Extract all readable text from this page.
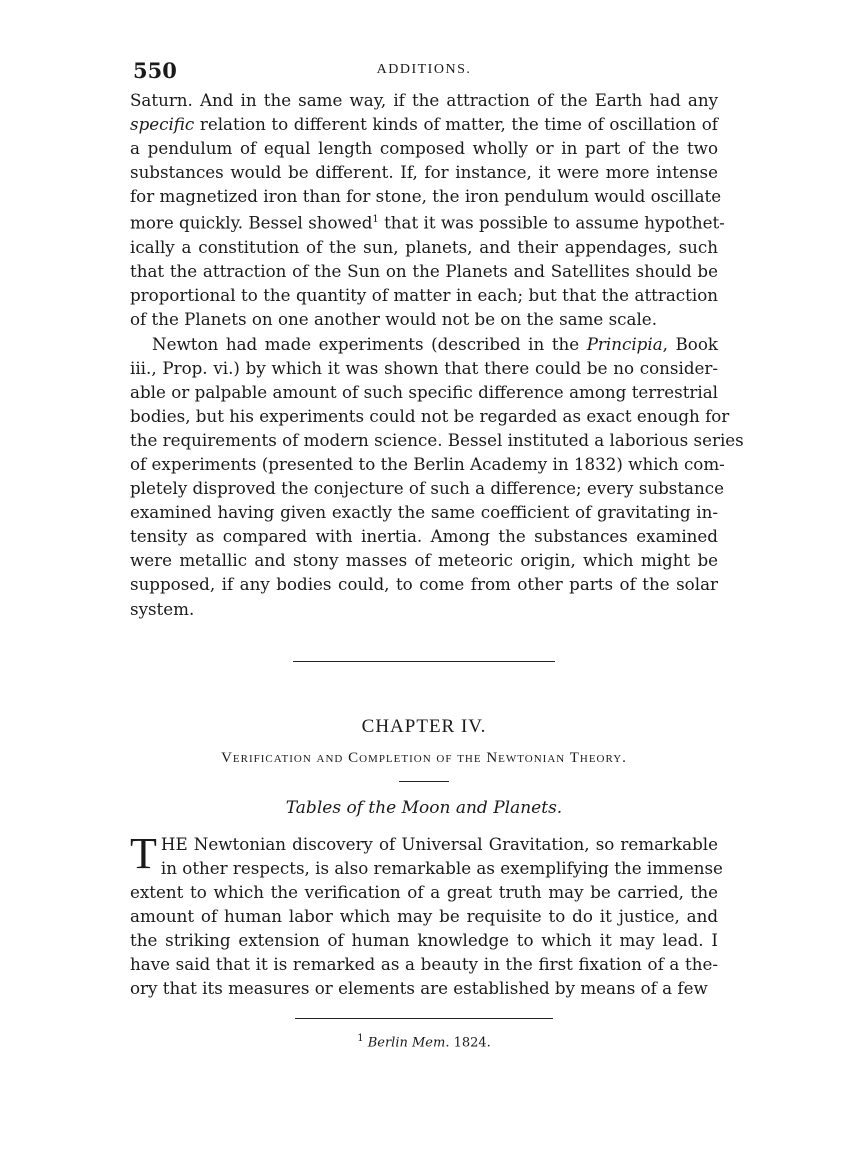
550	ADDITIONS.
Saturn. And in the same way, if the attraction of the Earth had any
specific relation to different kinds of matter, the time of oscillation of
a pendulum of equal length composed wholly or in part of the two
substances would be different. If, for instance, it were more intense
for magnetized iron than for stone, the iron pendulum would oscillate
more quickly. Bessel showed$^1$ that it was possible to assume hypothet-
ically a constitution of the sun, planets, and their appendages, such
that the attraction of the Sun on the Planets and Satellites should be
proportional to the quantity of matter in each; but that the attraction
of the Planets on one another would not be on the same scale.
Newton had made experiments (described in the Principia, Book
iii., Prop. vi.) by which it was shown that there could be no consider-
able or palpable amount of such specific difference among terrestrial
bodies, but his experiments could not be regarded as exact enough for
the requirements of modern science. Bessel instituted a laborious series
of experiments (presented to the Berlin Academy in 1832) which com-
pletely disproved the conjecture of such a difference; every substance
examined having given exactly the same coefficient of gravitating in-
tensity as compared with inertia. Among the substances examined
were metallic and stony masses of meteoric origin, which might be
supposed, if any bodies could, to come from other parts of the solar
system.
CHAPTER IV.
Verification and Completion of the Newtonian Theory.
Tables of the Moon and Planets.
T HE Newtonian discovery of Universal Gravitation, so remarkable
in other respects, is also remarkable as exemplifying the immense
extent to which the verification of a great truth may be carried, the
amount of human labor which may be requisite to do it justice, and
the striking extension of human knowledge to which it may lead. I
have said that it is remarked as a beauty in the first fixation of a the-
ory that its measures or elements are established by means of a few
$^1$ Berlin Mem. 1824.
